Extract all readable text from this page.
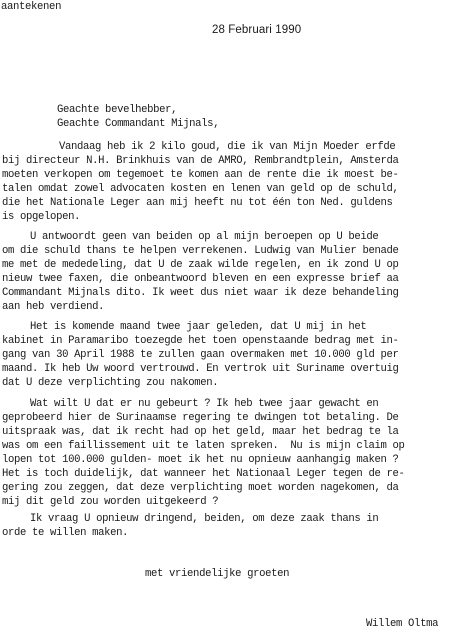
aantekenen
28 Februari 1990
Geachte bevelhebber,
Geachte Commandant Mijnals,
Vandaag heb ik 2 kilo goud, die ik van Mijn Moeder erfde
bij directeur N.H. Brinkhuis van de AMRO, Rembrandtplein, Amsterda
moeten verkopen om tegemoet te komen aan de rente die ik moest be-
talen omdat zowel advocaten kosten en lenen van geld op de schuld,
die het Nationale Leger aan mij heeft nu tot één ton Ned. guldens
is opgelopen.
U antwoordt geen van beiden op al mijn beroepen op U beide
om die schuld thans te helpen verrekenen. Ludwig van Mulier benade
me met de mededeling, dat U de zaak wilde regelen, en ik zond U op
nieuw twee faxen, die onbeantwoord bleven en een expresse brief aa
Commandant Mijnals dito. Ik weet dus niet waar ik deze behandeling
aan heb verdiend.
Het is komende maand twee jaar geleden, dat U mij in het
kabinet in Paramaribo toezegde het toen openstaande bedrag met in-
gang van 30 April 1988 te zullen gaan overmaken met 10.000 gld per
maand. Ik heb Uw woord vertrouwd. En vertrok uit Suriname overtuig
dat U deze verplichting zou nakomen.
Wat wilt U dat er nu gebeurt ? Ik heb twee jaar gewacht en
geprobeerd hier de Surinaamse regering te dwingen tot betaling. De
uitspraak was, dat ik recht had op het geld, maar het bedrag te la
was om een faillissement uit te laten spreken.  Nu is mijn claim op
lopen tot 100.000 gulden- moet ik het nu opnieuw aanhangig maken ?
Het is toch duidelijk, dat wanneer het Nationaal Leger tegen de re-
gering zou zeggen, dat deze verplichting moet worden nagekomen, da
mij dit geld zou worden uitgekeerd ?
Ik vraag U opnieuw dringend, beiden, om deze zaak thans in
orde te willen maken.
met vriendelijke groeten
Willem Oltma
